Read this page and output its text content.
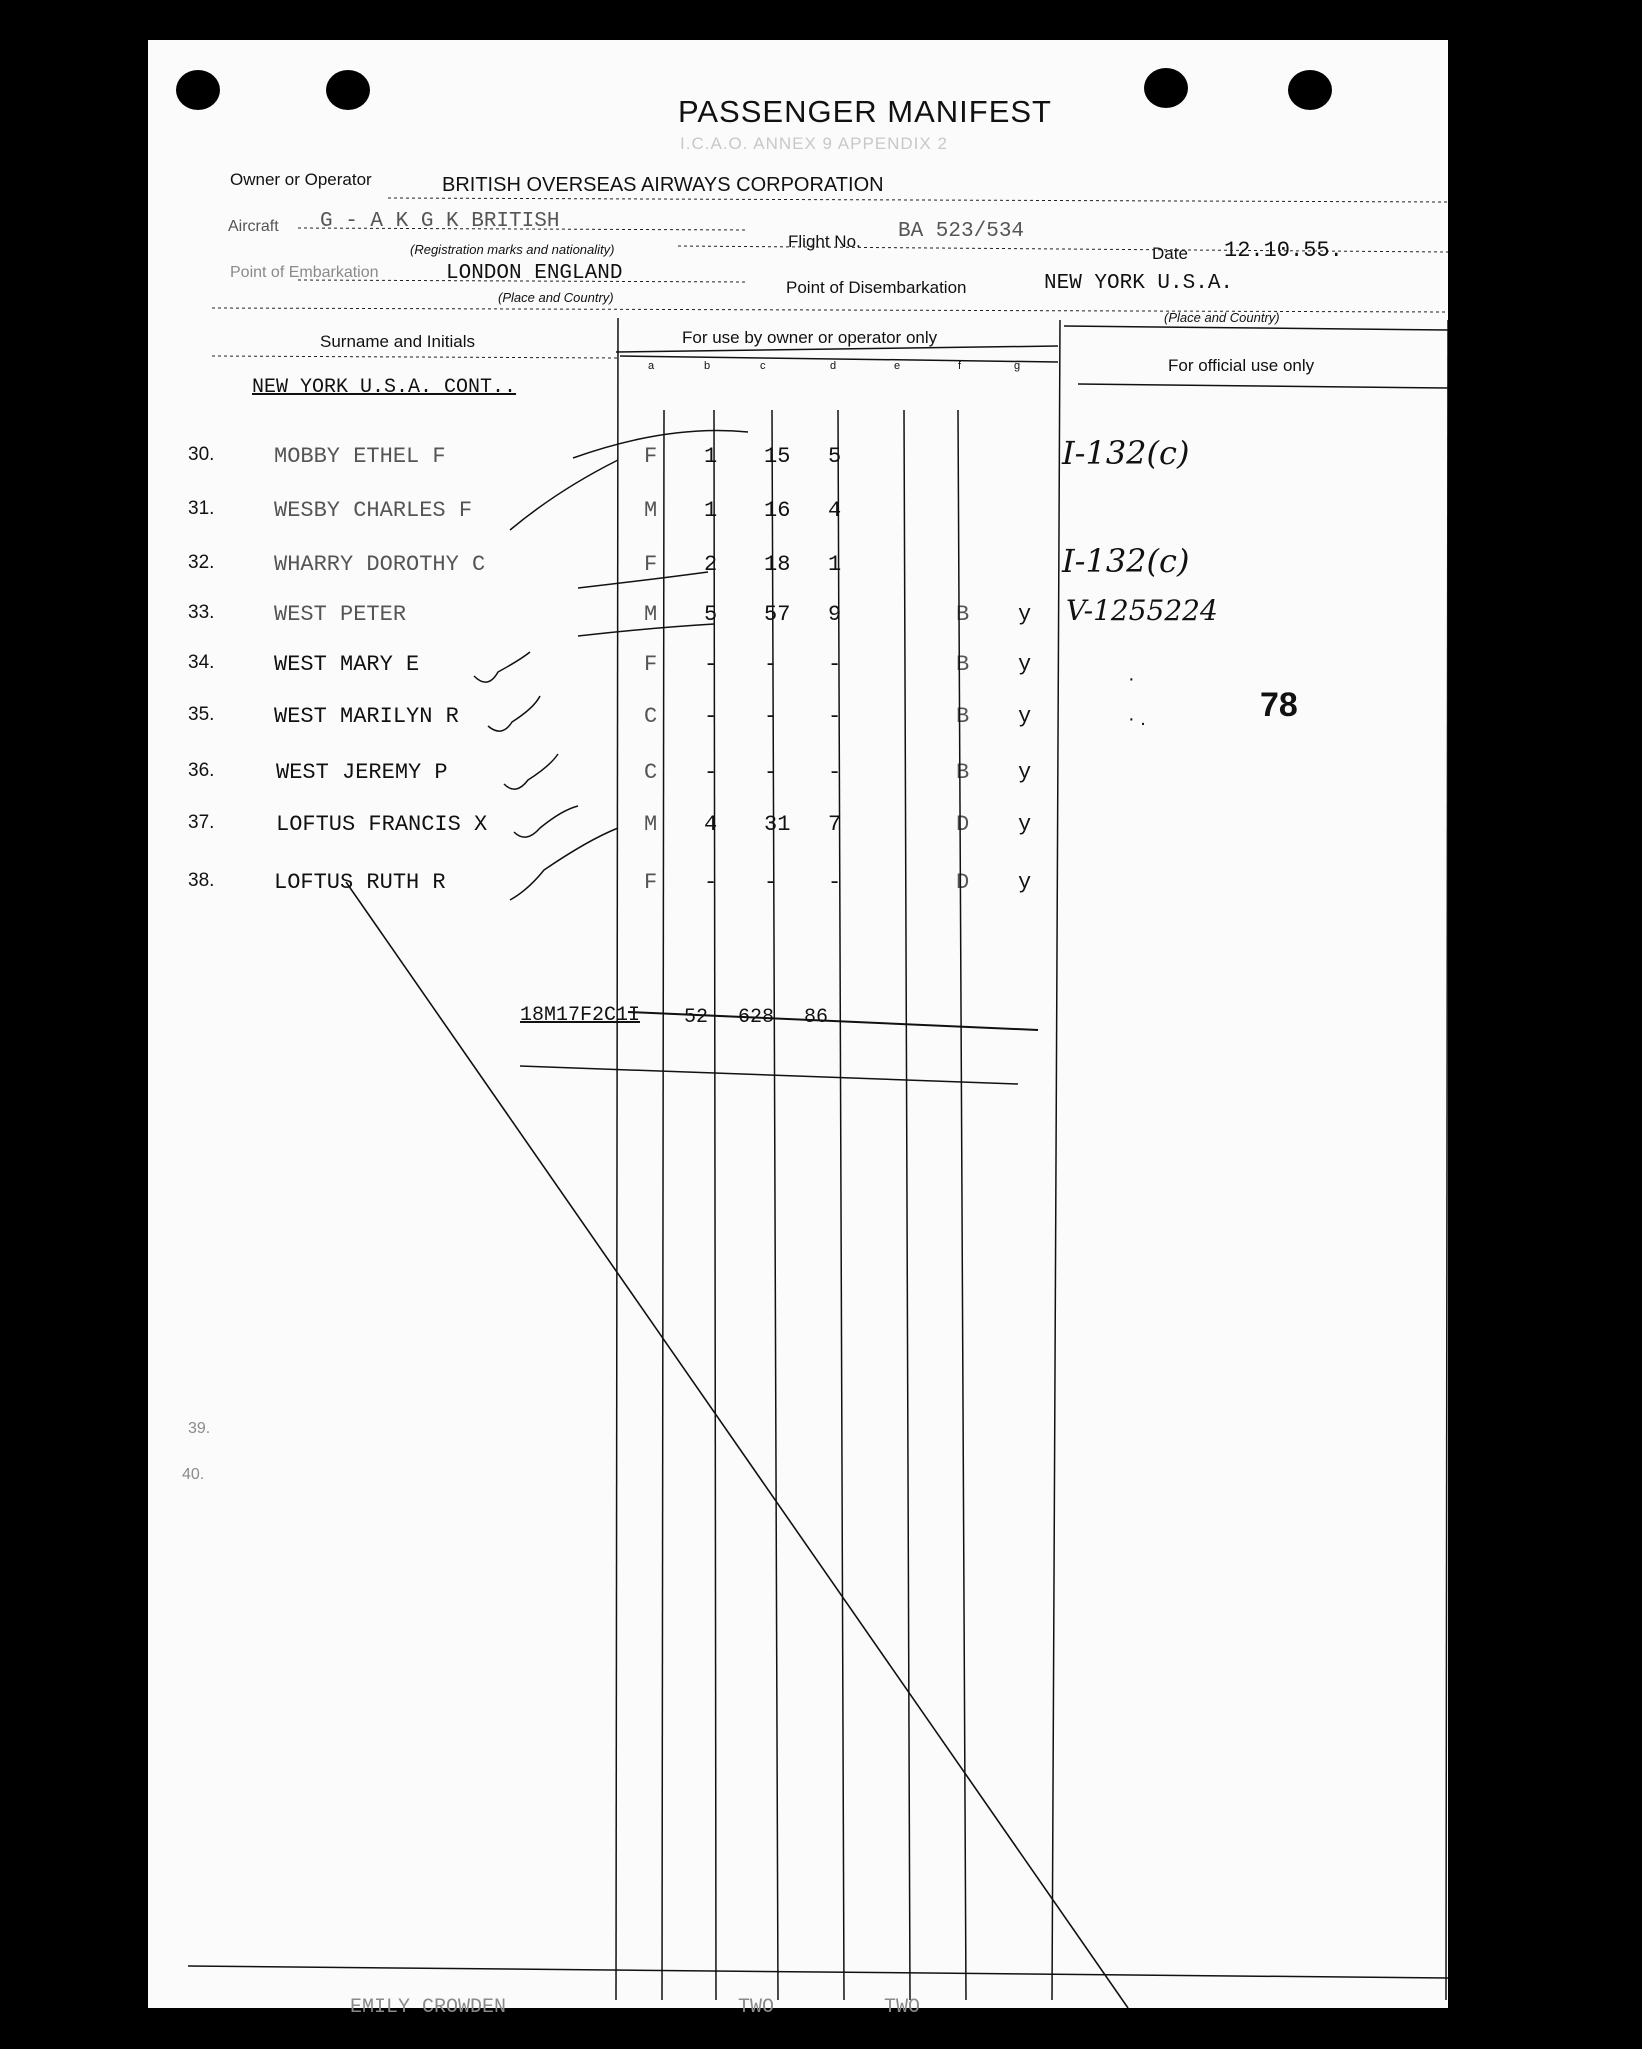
PASSENGER MANIFEST
I.C.A.O. ANNEX 9 APPENDIX 2
Owner or Operator	BRITISH OVERSEAS AIRWAYS CORPORATION
Aircraft G - A K G K BRITISH
(Registration marks and nationality)	Flight No. BA 523/534
Date 12.10.55.
Point of Embarkation	LONDON ENGLAND
(Place and Country)
Point of Disembarkation	NEW YORK U.S.A.
(Place and Country)
Surname and Initials	For use by owner or operator only
For official use only
a	b	c	d	e	f	g
NEW YORK U.S.A. CONT..
30.	MOBBY ETHEL F	F 1 15 5	I-132(c)
31.	WESBY CHARLES F	M 1 16 4
32.	WHARRY DOROTHY C	F 2 18 1	I-132(c)
33.	WEST PETER	M 5 57 9	B y V-1255224
34.	WEST MARY E	F - - -	B y
35.	WEST MARILYN R	C - - -	B y
36.	WEST JEREMY P	C - - -	B y
37.	LOFTUS FRANCIS X	M 4 31 7	D y
38.	LOFTUS RUTH R	F - - -	D y
18M17F2C1I 52 628 86
78
·
· .
39.
40.
EMILY CROWDEN	TWO	TWO
